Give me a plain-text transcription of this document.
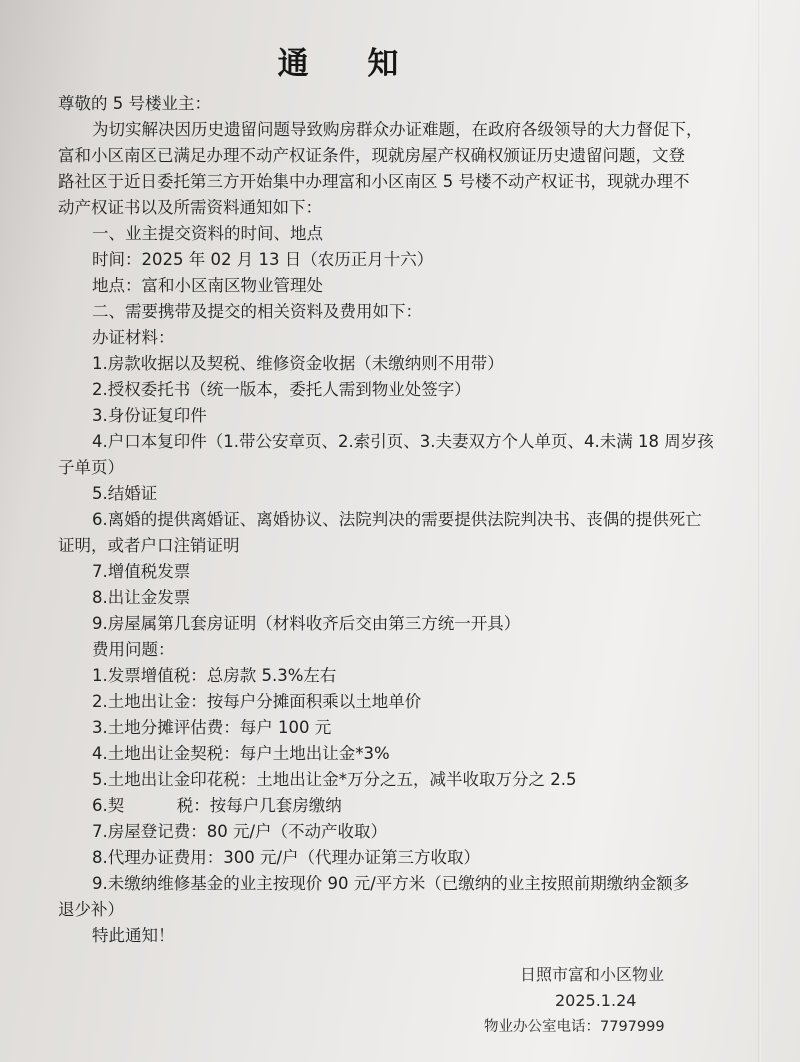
通 知
尊敬的 5 号楼业主：
为切实解决因历史遗留问题导致购房群众办证难题，在政府各级领导的大力督促下，
富和小区南区已满足办理不动产权证条件，现就房屋产权确权颁证历史遗留问题，文登
路社区于近日委托第三方开始集中办理富和小区南区 5 号楼不动产权证书，现就办理不
动产权证书以及所需资料通知如下：
一、业主提交资料的时间、地点
时间：2025 年 02 月 13 日（农历正月十六）
地点：富和小区南区物业管理处
二、需要携带及提交的相关资料及费用如下：
办证材料：
1.房款收据以及契税、维修资金收据（未缴纳则不用带）
2.授权委托书（统一版本，委托人需到物业处签字）
3.身份证复印件
4.户口本复印件（1.带公安章页、2.索引页、3.夫妻双方个人单页、4.未满 18 周岁孩
子单页）
5.结婚证
6.离婚的提供离婚证、离婚协议、法院判决的需要提供法院判决书、丧偶的提供死亡
证明，或者户口注销证明
7.增值税发票
8.出让金发票
9.房屋属第几套房证明（材料收齐后交由第三方统一开具）
费用问题：
1.发票增值税：总房款 5.3%左右
2.土地出让金：按每户分摊面积乘以土地单价
3.土地分摊评估费：每户 100 元
4.土地出让金契税：每户土地出让金*3%
5.土地出让金印花税：土地出让金*万分之五，减半收取万分之 2.5
6.契          税：按每户几套房缴纳
7.房屋登记费：80 元/户（不动产收取）
8.代理办证费用：300 元/户（代理办证第三方收取）
9.未缴纳维修基金的业主按现价 90 元/平方米（已缴纳的业主按照前期缴纳金额多
退少补）
特此通知！
日照市富和小区物业
2025.1.24
物业办公室电话：7797999
